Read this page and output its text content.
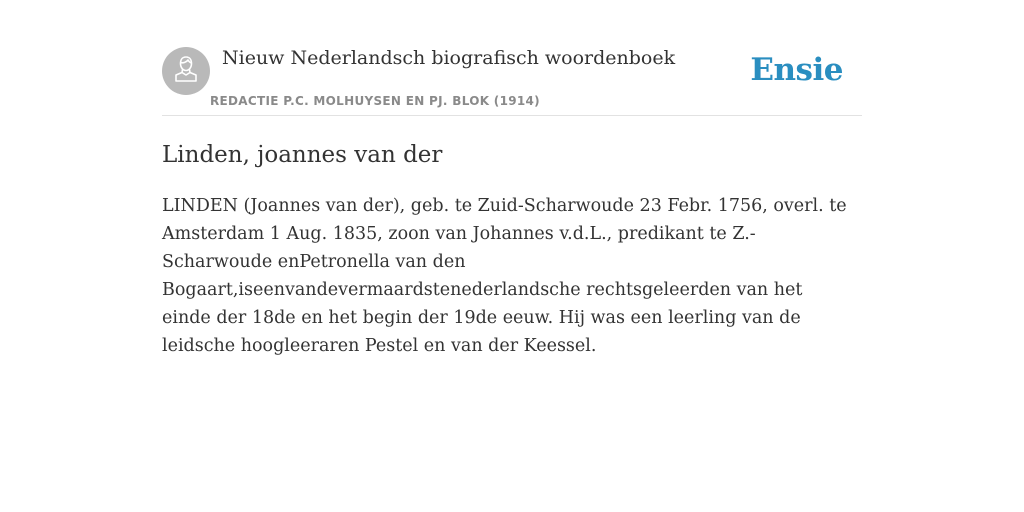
Nieuw Nederlandsch biografisch woordenboek
REDACTIE P.C. MOLHUYSEN EN PJ. BLOK (1914)
Ensie
Linden, joannes van der

LINDEN (Joannes van der), geb. te Zuid-Scharwoude 23 Febr. 1756, overl. te Amsterdam 1 Aug. 1835, zoon van Johannes v.d.L., predikant te Z.-Scharwoude enPetronella van den Bogaart,iseenvandevermaardstenederlandsche rechtsgeleerden van het einde der 18de en het begin der 19de eeuw. Hij was een leerling van de leidsche hoogleeraren Pestel en van der Keessel.
